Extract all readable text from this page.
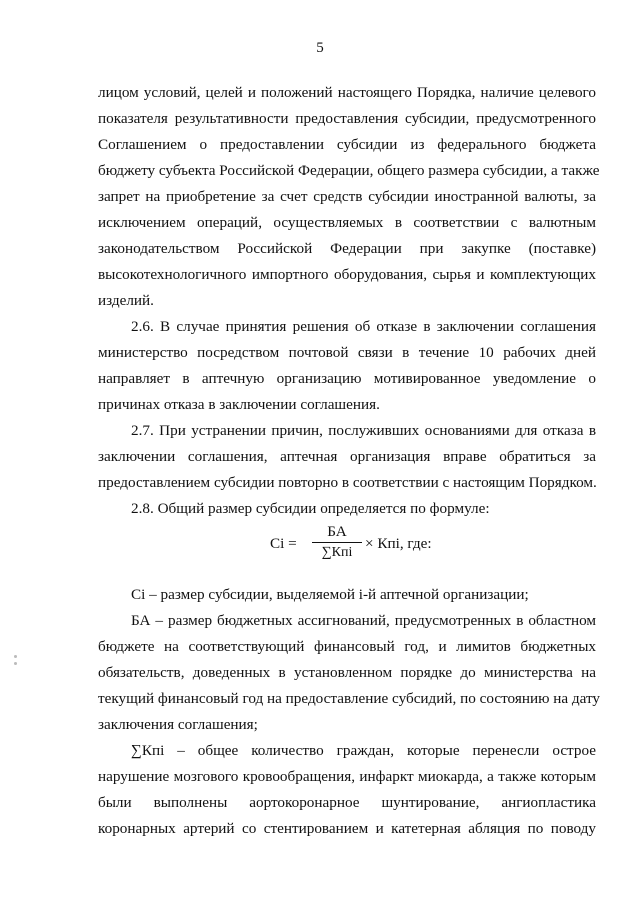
5
лицом условий, целей и положений настоящего Порядка, наличие целевого
показателя результативности предоставления субсидии, предусмотренного
Соглашением о предоставлении субсидии из федерального бюджета
бюджету субъекта Российской Федерации, общего размера субсидии, а также
запрет на приобретение за счет средств субсидии иностранной валюты, за
исключением операций, осуществляемых в соответствии с валютным
законодательством Российской Федерации при закупке (поставке)
высокотехнологичного импортного оборудования, сырья и комплектующих
изделий.
2.6. В случае принятия решения об отказе в заключении соглашения
министерство посредством почтовой связи в течение 10 рабочих дней
направляет в аптечную организацию мотивированное уведомление о
причинах отказа в заключении соглашения.
2.7. При устранении причин, послуживших основаниями для отказа в
заключении соглашения, аптечная организация вправе обратиться за
предоставлением субсидии повторно в соответствии с настоящим Порядком.
2.8. Общий размер субсидии определяется по формуле:
Сi =
БА
∑Кпi
× Кпi, где:
Сi – размер субсидии, выделяемой i-й аптечной организации;
БА – размер бюджетных ассигнований, предусмотренных в областном
бюджете на соответствующий финансовый год, и лимитов бюджетных
обязательств, доведенных в установленном порядке до министерства на
текущий финансовый год на предоставление субсидий, по состоянию на дату
заключения соглашения;
∑Кпi – общее количество граждан, которые перенесли острое
нарушение мозгового кровообращения, инфаркт миокарда, а также которым
были выполнены аортокоронарное шунтирование, ангиопластика
коронарных артерий со стентированием и катетерная абляция по поводу
